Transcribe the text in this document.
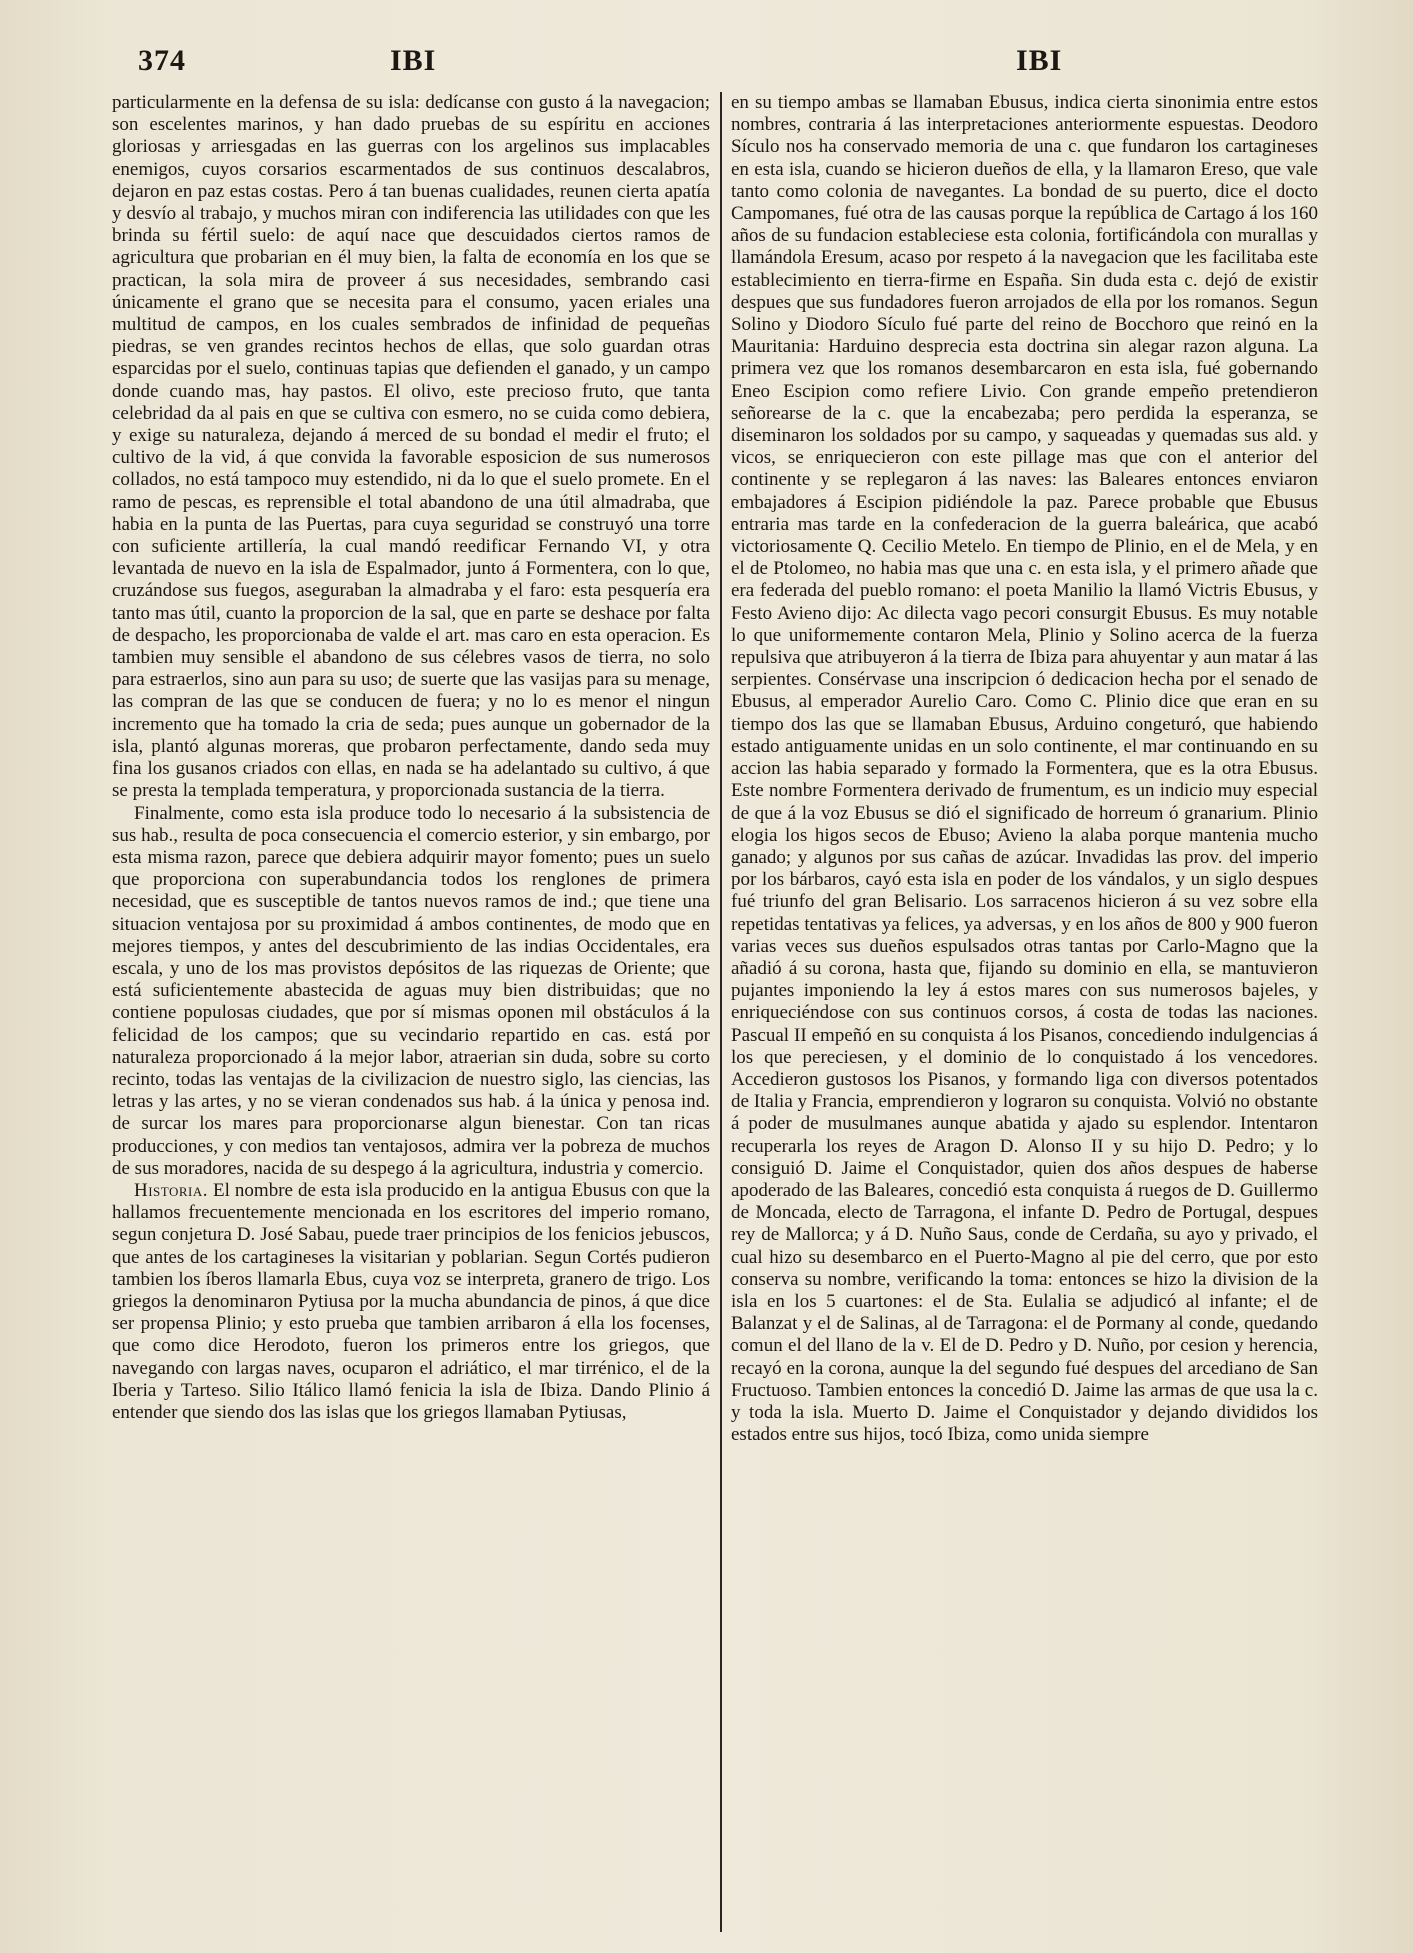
374	IBI	IBI

particularmente en la defensa de su isla: dedícanse con gusto á la navegacion; son escelentes marinos, y han dado pruebas de su espíritu en acciones gloriosas y arriesgadas en las guerras con los argelinos sus implacables enemigos, cuyos corsarios escarmentados de sus continuos descalabros, dejaron en paz estas costas. Pero á tan buenas cualidades, reunen cierta apatía y desvío al trabajo, y muchos miran con indiferencia las utilidades con que les brinda su fértil suelo: de aquí nace que descuidados ciertos ramos de agricultura que probarian en él muy bien, la falta de economía en los que se practican, la sola mira de proveer á sus necesidades, sembrando casi únicamente el grano que se necesita para el consumo, yacen eriales una multitud de campos, en los cuales sembrados de infinidad de pequeñas piedras, se ven grandes recintos hechos de ellas, que solo guardan otras esparcidas por el suelo, continuas tapias que defienden el ganado, y un campo donde cuando mas, hay pastos. El olivo, este precioso fruto, que tanta celebridad da al pais en que se cultiva con esmero, no se cuida como debiera, y exige su naturaleza, dejando á merced de su bondad el medir el fruto; el cultivo de la vid, á que convida la favorable esposicion de sus numerosos collados, no está tampoco muy estendido, ni da lo que el suelo promete. En el ramo de pescas, es reprensible el total abandono de una útil almadraba, que habia en la punta de las Puertas, para cuya seguridad se construyó una torre con suficiente artillería, la cual mandó reedificar Fernando VI, y otra levantada de nuevo en la isla de Espalmador, junto á Formentera, con lo que, cruzándose sus fuegos, aseguraban la almadraba y el faro: esta pesquería era tanto mas útil, cuanto la proporcion de la sal, que en parte se deshace por falta de despacho, les proporcionaba de valde el art. mas caro en esta operacion. Es tambien muy sensible el abandono de sus célebres vasos de tierra, no solo para estraerlos, sino aun para su uso; de suerte que las vasijas para su menage, las compran de las que se conducen de fuera; y no lo es menor el ningun incremento que ha tomado la cria de seda; pues aunque un gobernador de la isla, plantó algunas moreras, que probaron perfectamente, dando seda muy fina los gusanos criados con ellas, en nada se ha adelantado su cultivo, á que se presta la templada temperatura, y proporcionada sustancia de la tierra.

Finalmente, como esta isla produce todo lo necesario á la subsistencia de sus hab., resulta de poca consecuencia el comercio esterior, y sin embargo, por esta misma razon, parece que debiera adquirir mayor fomento; pues un suelo que proporciona con superabundancia todos los renglones de primera necesidad, que es susceptible de tantos nuevos ramos de ind.; que tiene una situacion ventajosa por su proximidad á ambos continentes, de modo que en mejores tiempos, y antes del descubrimiento de las indias Occidentales, era escala, y uno de los mas provistos depósitos de las riquezas de Oriente; que está suficientemente abastecida de aguas muy bien distribuidas; que no contiene populosas ciudades, que por sí mismas oponen mil obstáculos á la felicidad de los campos; que su vecindario repartido en cas. está por naturaleza proporcionado á la mejor labor, atraerian sin duda, sobre su corto recinto, todas las ventajas de la civilizacion de nuestro siglo, las ciencias, las letras y las artes, y no se vieran condenados sus hab. á la única y penosa ind. de surcar los mares para proporcionarse algun bienestar. Con tan ricas producciones, y con medios tan ventajosos, admira ver la pobreza de muchos de sus moradores, nacida de su despego á la agricultura, industria y comercio.

Historia. El nombre de esta isla producido en la antigua Ebusus con que la hallamos frecuentemente mencionada en los escritores del imperio romano, segun conjetura D. José Sabau, puede traer principios de los fenicios jebuscos, que antes de los cartagineses la visitarian y poblarian. Segun Cortés pudieron tambien los íberos llamarla Ebus, cuya voz se interpreta, granero de trigo. Los griegos la denominaron Pytiusa por la mucha abundancia de pinos, á que dice ser propensa Plinio; y esto prueba que tambien arribaron á ella los focenses, que como dice Herodoto, fueron los primeros entre los griegos, que navegando con largas naves, ocuparon el adriático, el mar tirrénico, el de la Iberia y Tarteso. Silio Itálico llamó fenicia la isla de Ibiza. Dando Plinio á entender que siendo dos las islas que los griegos llamaban Pytiusas,

en su tiempo ambas se llamaban Ebusus, indica cierta sinonimia entre estos nombres, contraria á las interpretaciones anteriormente espuestas. Deodoro Sículo nos ha conservado memoria de una c. que fundaron los cartagineses en esta isla, cuando se hicieron dueños de ella, y la llamaron Ereso, que vale tanto como colonia de navegantes. La bondad de su puerto, dice el docto Campomanes, fué otra de las causas porque la república de Cartago á los 160 años de su fundacion estableciese esta colonia, fortificándola con murallas y llamándola Eresum, acaso por respeto á la navegacion que les facilitaba este establecimiento en tierra-firme en España. Sin duda esta c. dejó de existir despues que sus fundadores fueron arrojados de ella por los romanos. Segun Solino y Diodoro Sículo fué parte del reino de Bocchoro que reinó en la Mauritania: Harduino desprecia esta doctrina sin alegar razon alguna. La primera vez que los romanos desembarcaron en esta isla, fué gobernando Eneo Escipion como refiere Livio. Con grande empeño pretendieron señorearse de la c. que la encabezaba; pero perdida la esperanza, se diseminaron los soldados por su campo, y saqueadas y quemadas sus ald. y vicos, se enriquecieron con este pillage mas que con el anterior del continente y se replegaron á las naves: las Baleares entonces enviaron embajadores á Escipion pidiéndole la paz. Parece probable que Ebusus entraria mas tarde en la confederacion de la guerra baleárica, que acabó victoriosamente Q. Cecilio Metelo. En tiempo de Plinio, en el de Mela, y en el de Ptolomeo, no habia mas que una c. en esta isla, y el primero añade que era federada del pueblo romano: el poeta Manilio la llamó Victris Ebusus, y Festo Avieno dijo: Ac dilecta vago pecori consurgit Ebusus. Es muy notable lo que uniformemente contaron Mela, Plinio y Solino acerca de la fuerza repulsiva que atribuyeron á la tierra de Ibiza para ahuyentar y aun matar á las serpientes. Consérvase una inscripcion ó dedicacion hecha por el senado de Ebusus, al emperador Aurelio Caro. Como C. Plinio dice que eran en su tiempo dos las que se llamaban Ebusus, Arduino congeturó, que habiendo estado antiguamente unidas en un solo continente, el mar continuando en su accion las habia separado y formado la Formentera, que es la otra Ebusus. Este nombre Formentera derivado de frumentum, es un indicio muy especial de que á la voz Ebusus se dió el significado de horreum ó granarium. Plinio elogia los higos secos de Ebuso; Avieno la alaba porque mantenia mucho ganado; y algunos por sus cañas de azúcar. Invadidas las prov. del imperio por los bárbaros, cayó esta isla en poder de los vándalos, y un siglo despues fué triunfo del gran Belisario. Los sarracenos hicieron á su vez sobre ella repetidas tentativas ya felices, ya adversas, y en los años de 800 y 900 fueron varias veces sus dueños espulsados otras tantas por Carlo-Magno que la añadió á su corona, hasta que, fijando su dominio en ella, se mantuvieron pujantes imponiendo la ley á estos mares con sus numerosos bajeles, y enriqueciéndose con sus continuos corsos, á costa de todas las naciones. Pascual II empeñó en su conquista á los Pisanos, concediendo indulgencias á los que pereciesen, y el dominio de lo conquistado á los vencedores. Accedieron gustosos los Pisanos, y formando liga con diversos potentados de Italia y Francia, emprendieron y lograron su conquista. Volvió no obstante á poder de musulmanes aunque abatida y ajado su esplendor. Intentaron recuperarla los reyes de Aragon D. Alonso II y su hijo D. Pedro; y lo consiguió D. Jaime el Conquistador, quien dos años despues de haberse apoderado de las Baleares, concedió esta conquista á ruegos de D. Guillermo de Moncada, electo de Tarragona, el infante D. Pedro de Portugal, despues rey de Mallorca; y á D. Nuño Saus, conde de Cerdaña, su ayo y privado, el cual hizo su desembarco en el Puerto-Magno al pie del cerro, que por esto conserva su nombre, verificando la toma: entonces se hizo la division de la isla en los 5 cuartones: el de Sta. Eulalia se adjudicó al infante; el de Balanzat y el de Salinas, al de Tarragona: el de Pormany al conde, quedando comun el del llano de la v. El de D. Pedro y D. Nuño, por cesion y herencia, recayó en la corona, aunque la del segundo fué despues del arcediano de San Fructuoso. Tambien entonces la concedió D. Jaime las armas de que usa la c. y toda la isla. Muerto D. Jaime el Conquistador y dejando divididos los estados entre sus hijos, tocó Ibiza, como unida siempre
